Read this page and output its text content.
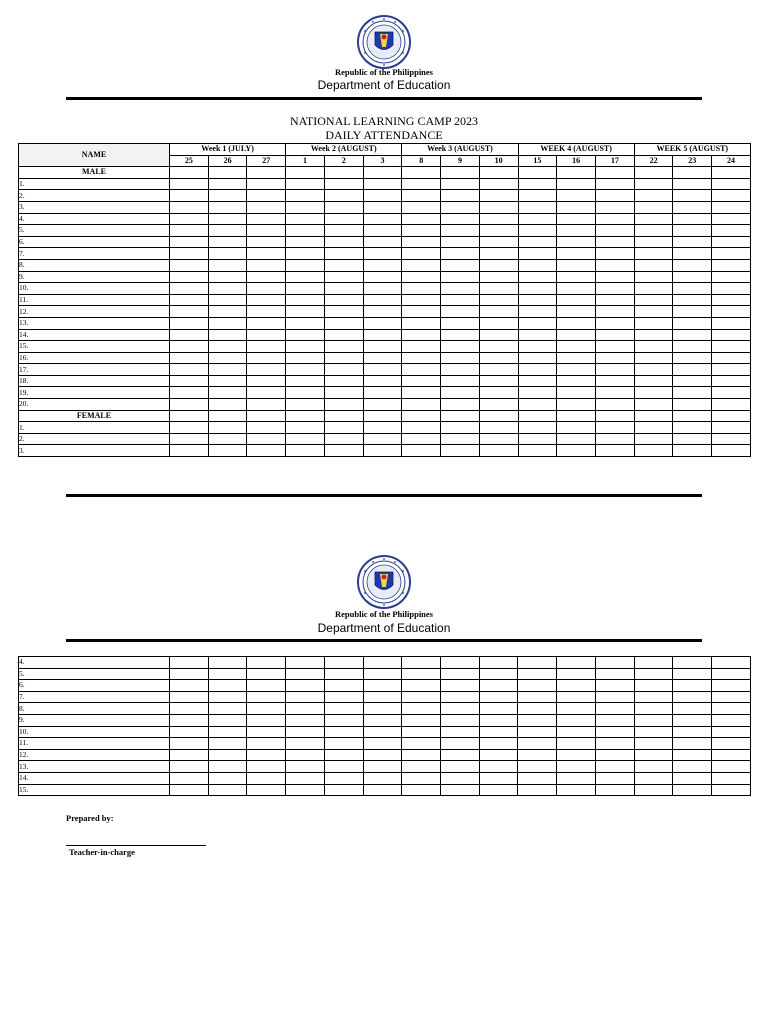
Republic of the Philippines
Department of Education
NATIONAL LEARNING CAMP 2023
DAILY ATTENDANCE
NAME	Week 1 (JULY)			Week 2 (AUGUST)			Week 3 (AUGUST)			WEEK 4 (AUGUST)			WEEK 5 (AUGUST)		
	25	26	27	1	2	3	8	9	10	15	16	17	22	23	24
MALE															
1.															
2.															
3.															
4.															
5.															
6.															
7.															
8.															
9.															
10.															
11.															
12.															
13.															
14.															
15.															
16.															
17.															
18.															
19.															
20.															
FEMALE															
1.															
2.															
3.															
Republic of the Philippines
Department of Education
4.															
5.															
6.															
7.															
8.															
9.															
10.															
11.															
12.															
13.															
14.															
15.															
Prepared by:
Teacher-in-charge
